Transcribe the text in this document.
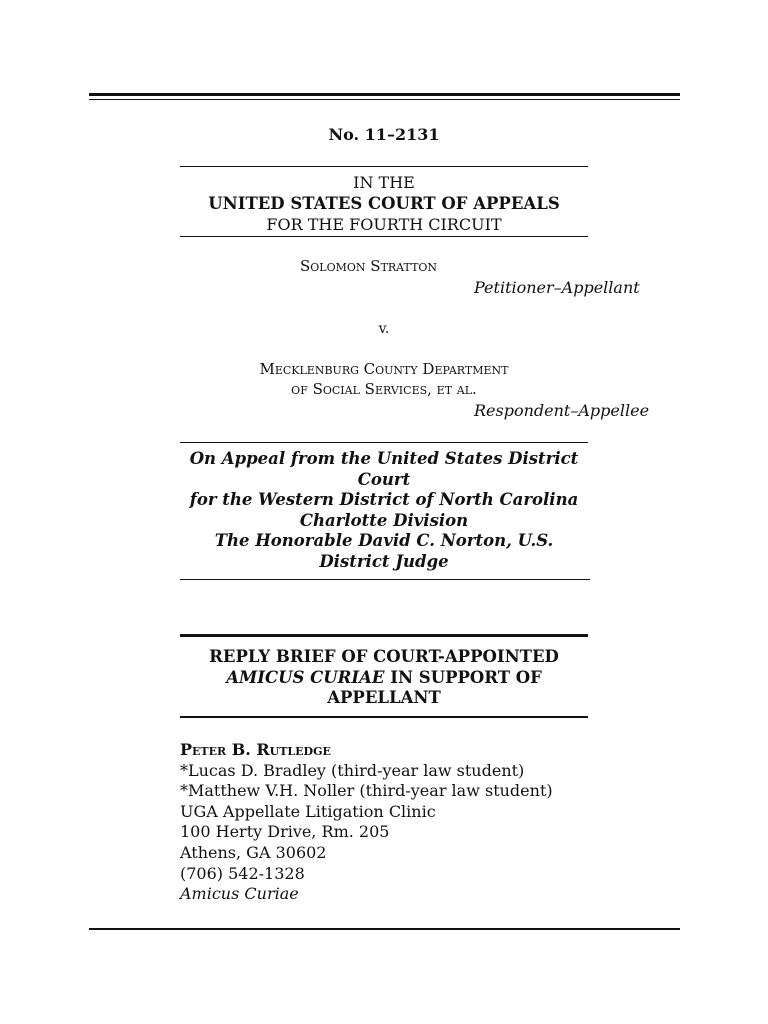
No. 11–2131
IN THE
UNITED STATES COURT OF APPEALS
FOR THE FOURTH CIRCUIT
Solomon Stratton
Petitioner–Appellant
v.
Mecklenburg County Department
of Social Services, et al.
Respondent–Appellee
On Appeal from the United States District
Court
for the Western District of North Carolina
Charlotte Division
The Honorable David C. Norton, U.S.
District Judge
REPLY BRIEF OF COURT-APPOINTED
AMICUS CURIAE IN SUPPORT OF
APPELLANT
Peter B. Rutledge
*Lucas D. Bradley (third-year law student)
*Matthew V.H. Noller (third-year law student)
UGA Appellate Litigation Clinic
100 Herty Drive, Rm. 205
Athens, GA 30602
(706) 542-1328
Amicus Curiae
